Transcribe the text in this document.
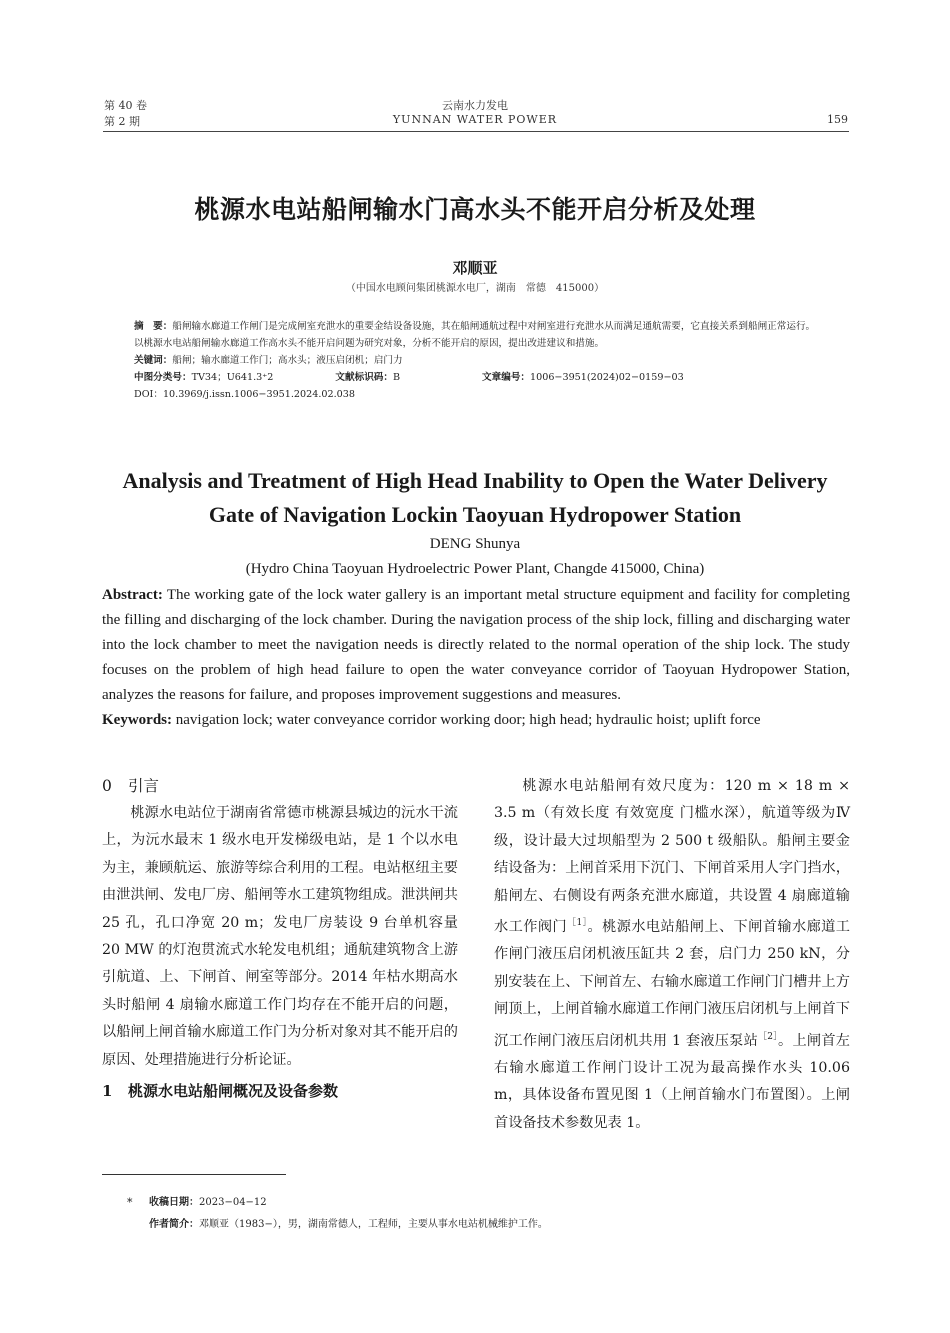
第 40 卷
第 2 期
云南水力发电
YUNNAN WATER POWER	159
桃源水电站船闸输水门高水头不能开启分析及处理
邓顺亚
（中国水电顾问集团桃源水电厂，湖南　常德　415000）

摘　要：船闸输水廊道工作闸门是完成闸室充泄水的重要金结设备设施，其在船闸通航过程中对闸室进行充泄水从而满足通航需要，它直接关系到船闸正常运行。以桃源水电站船闸输水廊道工作高水头不能开启问题为研究对象，分析不能开启的原因，提出改进建议和措施。

关键词：船闸；输水廊道工作门；高水头；液压启闭机；启门力

中图分类号：TV34；U641.3⁺2	文献标识码：B	文章编号：1006−3951(2024)02−0159−03

DOI：10.3969/j.issn.1006−3951.2024.02.038

Analysis and Treatment of High Head Inability to Open the Water Delivery Gate of Navigation Lockin Taoyuan Hydropower Station
DENG Shunya
(Hydro China Taoyuan Hydroelectric Power Plant, Changde 415000, China)

Abstract: The working gate of the lock water gallery is an important metal structure equipment and facility for completing the filling and discharging of the lock chamber. During the navigation process of the ship lock, filling and discharging water into the lock chamber to meet the navigation needs is directly related to the normal operation of the ship lock. The study focuses on the problem of high head failure to open the water conveyance corridor of Taoyuan Hydropower Station, analyzes the reasons for failure, and proposes improvement suggestions and measures.

Keywords: navigation lock; water conveyance corridor working door; high head; hydraulic hoist; uplift force

0 引言

桃源水电站位于湖南省常德市桃源县城边的沅水干流上，为沅水最末 1 级水电开发梯级电站，是 1 个以水电为主，兼顾航运、旅游等综合利用的工程。电站枢纽主要由泄洪闸、发电厂房、船闸等水工建筑物组成。泄洪闸共 25 孔，孔口净宽 20 m；发电厂房装设 9 台单机容量 20 MW 的灯泡贯流式水轮发电机组；通航建筑物含上游引航道、上、下闸首、闸室等部分。2014 年枯水期高水头时船闸 4 扇输水廊道工作门均存在不能开启的问题，以船闸上闸首输水廊道工作门为分析对象对其不能开启的原因、处理措施进行分析论证。

1 桃源水电站船闸概况及设备参数

桃源水电站船闸有效尺度为：120 m × 18 m × 3.5 m（有效长度 有效宽度 门槛水深），航道等级为Ⅳ级，设计最大过坝船型为 2 500 t 级船队。船闸主要金结设备为：上闸首采用下沉门、下闸首采用人字门挡水，船闸左、右侧设有两条充泄水廊道，共设置 4 扇廊道输水工作阀门$^{[1]}$。桃源水电站船闸上、下闸首输水廊道工作闸门液压启闭机液压缸共 2 套，启门力 250 kN，分别安装在上、下闸首左、右输水廊道工作闸门门槽井上方闸顶上，上闸首输水廊道工作闸门液压启闭机与上闸首下沉工作闸门液压启闭机共用 1 套液压泵站$^{[2]}$。上闸首左右输水廊道工作闸门设计工况为最高操作水头 10.06 m，具体设备布置见图 1（上闸首输水门布置图）。上闸首设备技术参数见表 1。

* 收稿日期：2023−04−12

作者简介：邓顺亚（1983−），男，湖南常德人，工程师，主要从事水电站机械维护工作。
